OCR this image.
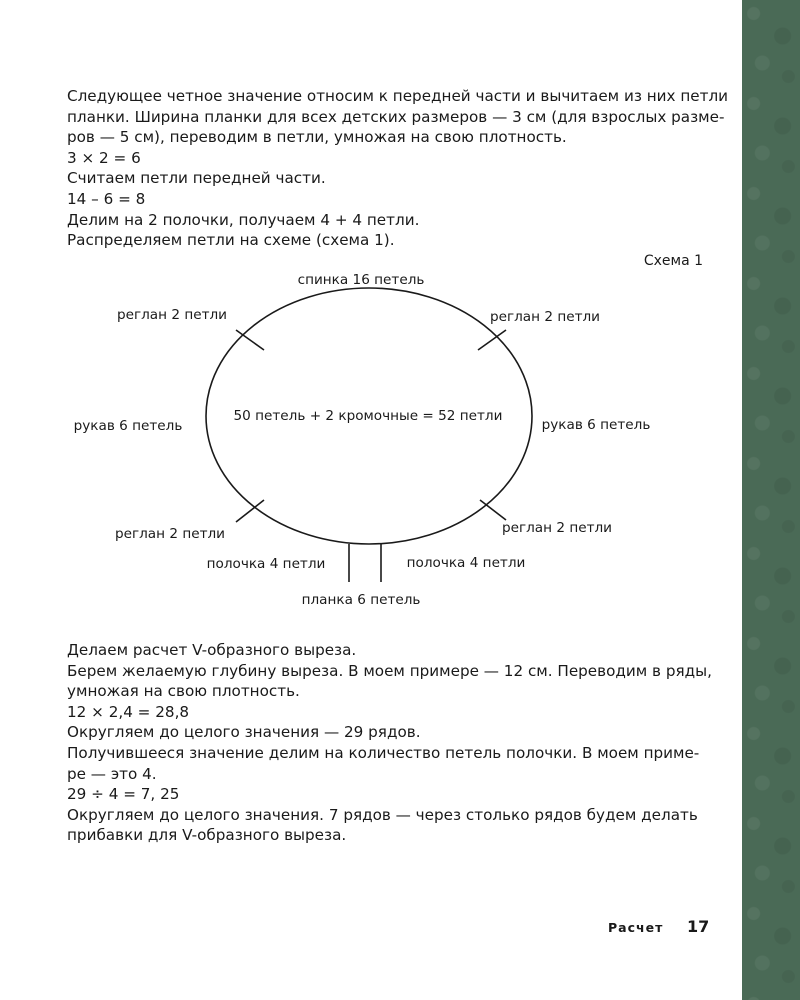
Следующее четное значение относим к передней части и вычитаем из них петли

планки. Ширина планки для всех детских размеров — 3 см (для взрослых разме-

ров — 5 см), переводим в петли, умножая на свою плотность.

3 × 2 = 6

Считаем петли передней части.

14 – 6 = 8

Делим на 2 полочки, получаем 4 + 4 петли.

Распределяем петли на схеме (схема 1).

Схема 1
спинка 16 петель
50 петель + 2 кромочные = 52 петли
реглан 2 петли	реглан 2 петли
рукав 6 петель	рукав 6 петель
реглан 2 петли	реглан 2 петли
полочка 4 петли	полочка 4 петли
планка 6 петель

Делаем расчет V-образного выреза.

Берем желаемую глубину выреза. В моем примере — 12 см. Переводим в ряды,

умножая на свою плотность.

12 × 2,4 = 28,8

Округляем до целого значения — 29 рядов.

Получившееся значение делим на количество петель полочки. В моем приме-

ре — это 4.

29 ÷ 4 = 7, 25

Округляем до целого значения. 7 рядов — через столько рядов будем делать

прибавки для V-образного выреза.

Расчет 17
